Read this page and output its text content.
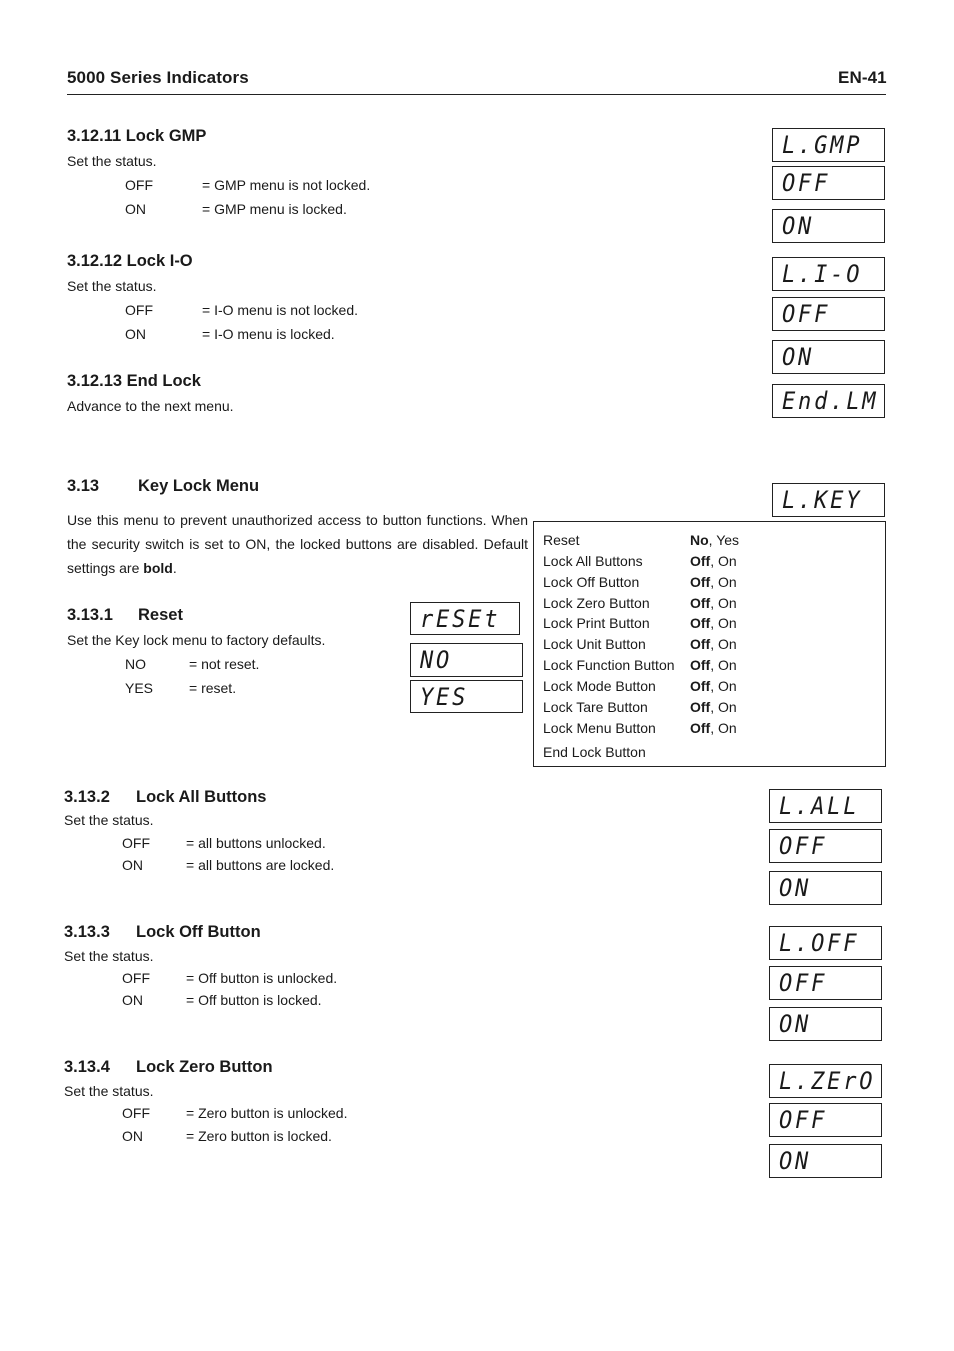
5000 Series Indicators	EN-41
3.12.11 Lock GMP
Set the status.
OFF	= GMP menu is not locked.
ON	= GMP menu is locked.
L.GMP
OFF
ON
3.12.12 Lock I-O
Set the status.
OFF	= I-O menu is not locked.
ON	= I-O menu is locked.
L.I-O
OFF
ON
3.12.13 End Lock
Advance to the next menu.	End.LM
3.13 Key Lock Menu	L.KEY
Use this menu to prevent unauthorized access to button functions. When the security switch is set to ON, the locked buttons are disabled. Default settings are bold.
Reset	No, Yes
Lock All Buttons	Off, On
Lock Off Button	Off, On
Lock Zero Button	Off, On
Lock Print Button	Off, On
Lock Unit Button	Off, On
Lock Function Button Off, On
Lock Mode Button Off, On
Lock Tare Button	Off, On
Lock Menu Button Off, On
End Lock Button
3.13.1 Reset
Set the Key lock menu to factory defaults.
NO	= not reset.
YES	= reset.
rESEt
NO
YES
3.13.2 Lock All Buttons
Set the status.
OFF	= all buttons unlocked.
ON	= all buttons are locked.
L.ALL
OFF
ON
3.13.3 Lock Off Button
Set the status.
OFF	= Off button is unlocked.
ON	= Off button is locked.
L.OFF
OFF
ON
3.13.4 Lock Zero Button
Set the status.
OFF	= Zero button is unlocked.
ON	= Zero button is locked.
L.ZErO
OFF
ON
